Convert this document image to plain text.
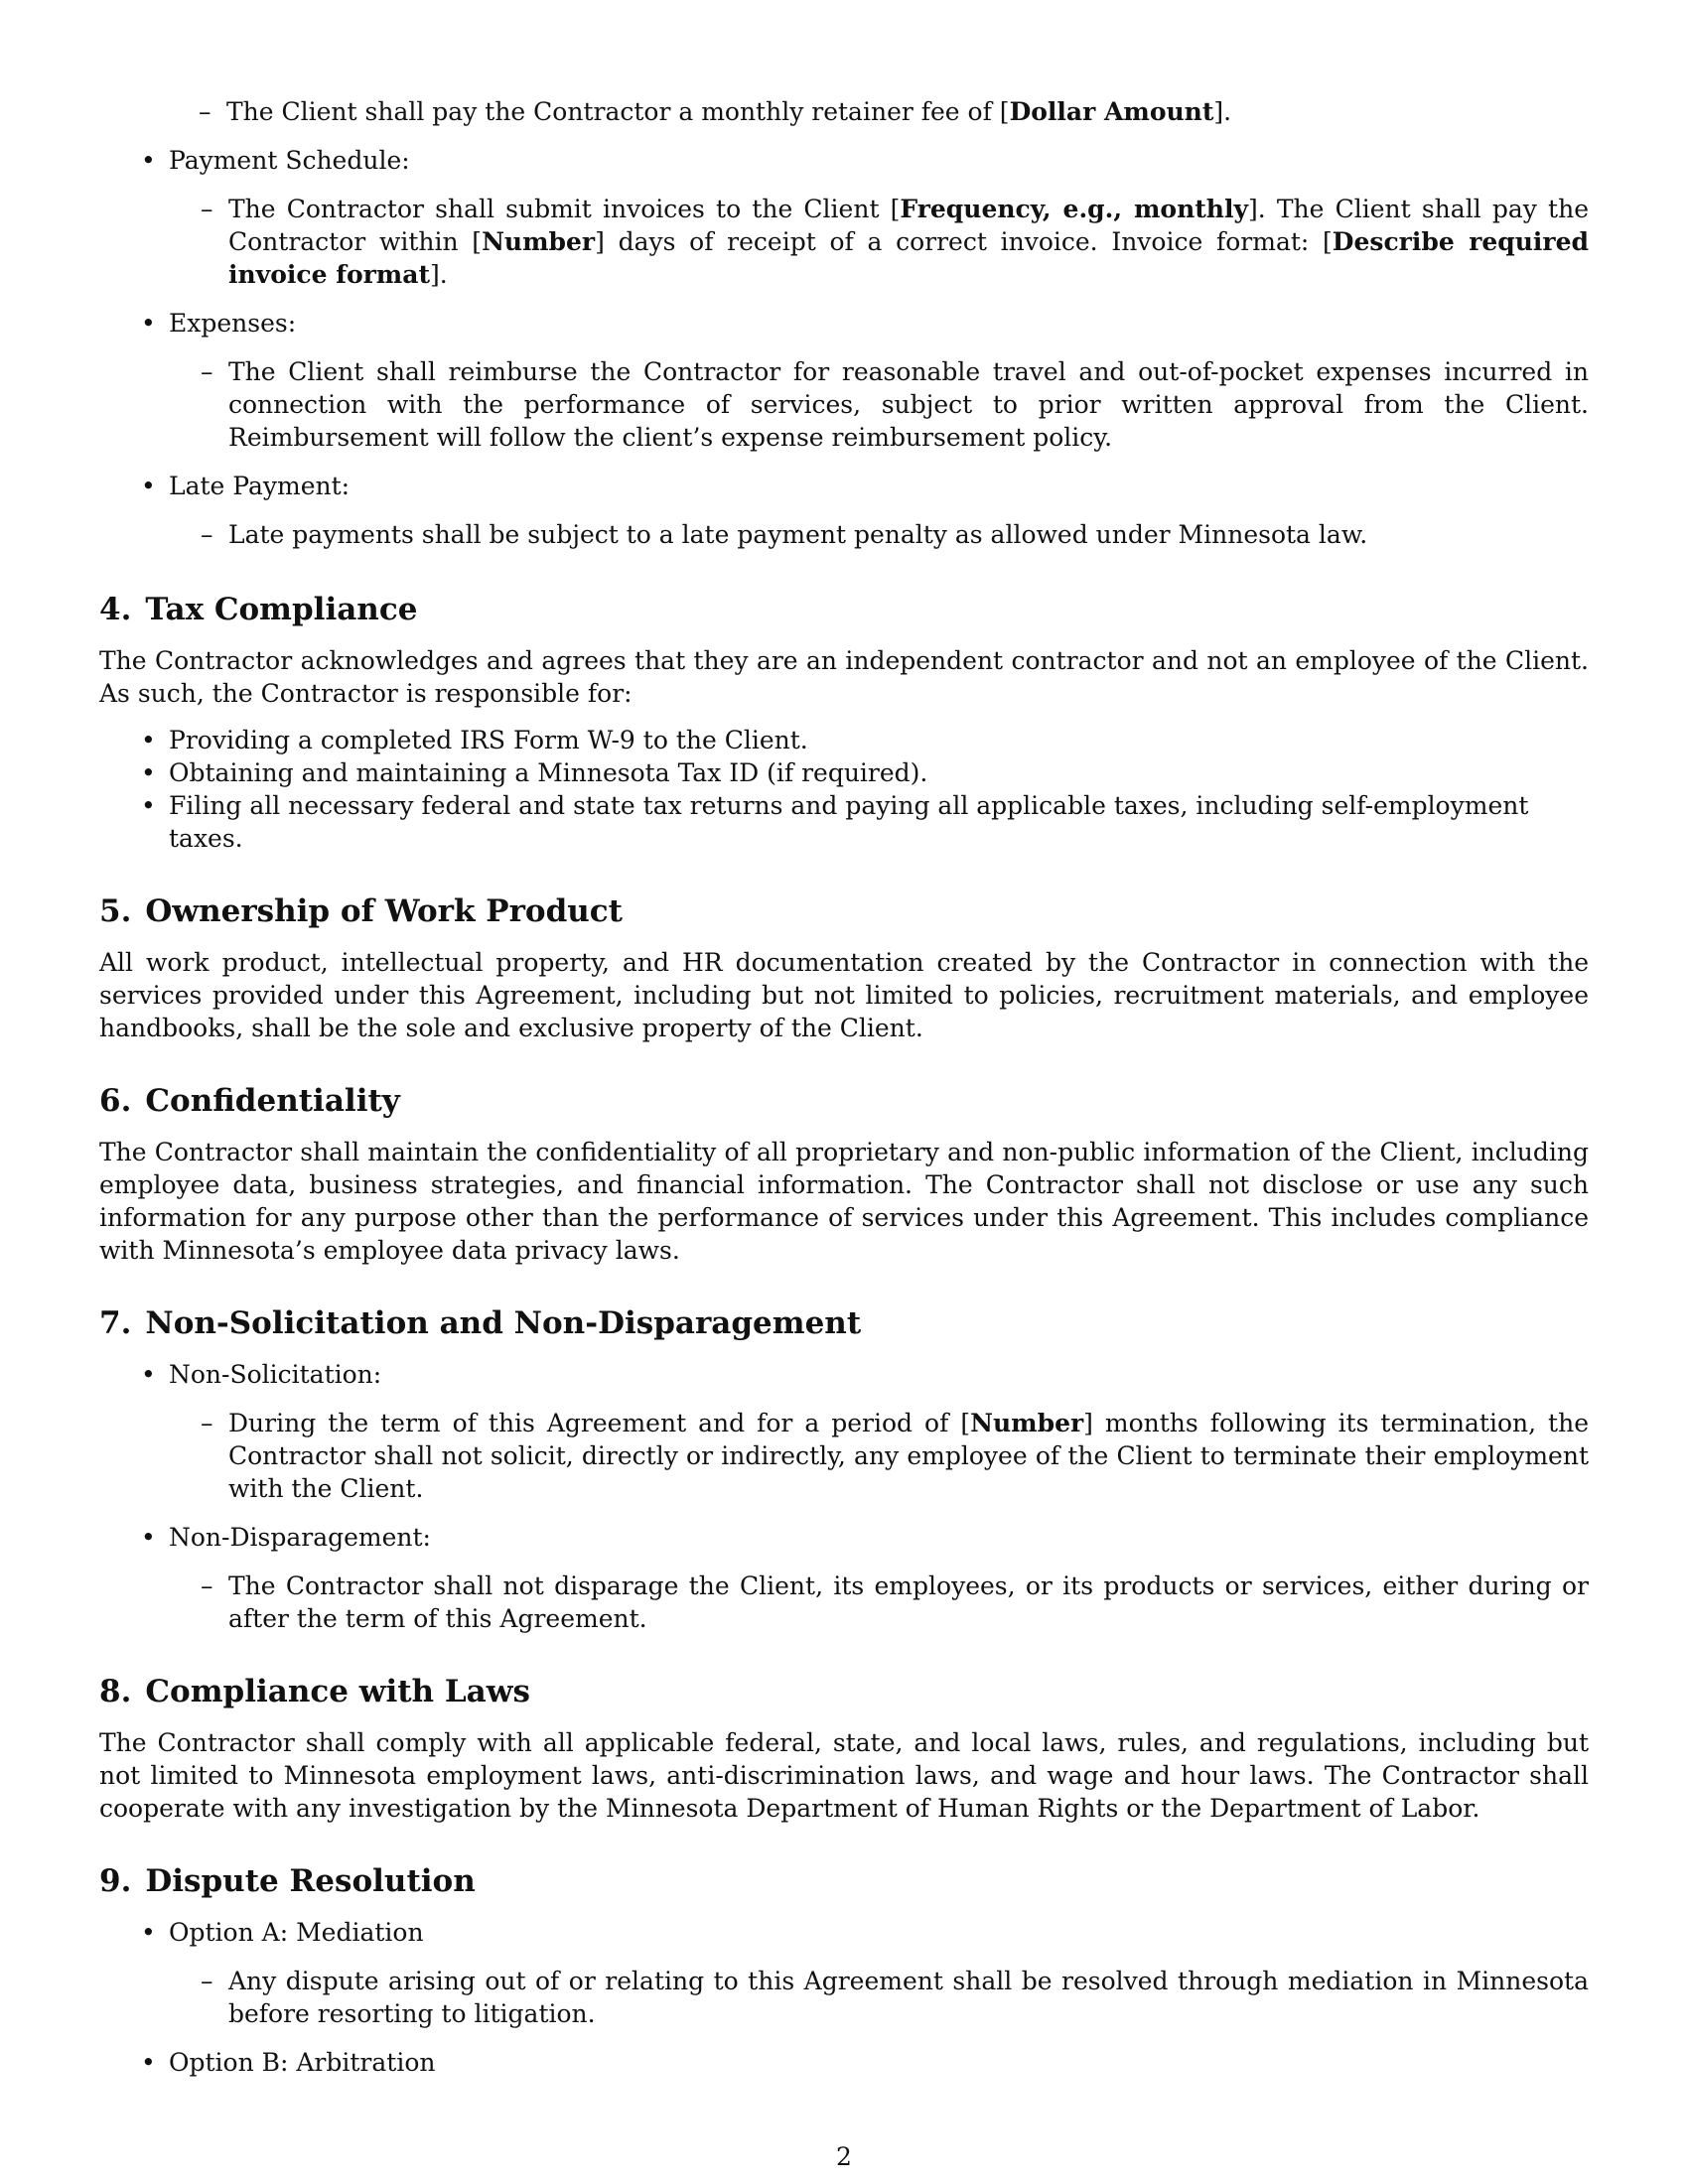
– The Client shall pay the Contractor a monthly retainer fee of [Dollar Amount].
• Payment Schedule:
– The Contractor shall submit invoices to the Client [Frequency, e.g., monthly]. The Client shall pay the Contractor within [Number] days of receipt of a correct invoice. Invoice format: [Describe required invoice format].
• Expenses:
– The Client shall reimburse the Contractor for reasonable travel and out-of-pocket expenses incurred in connection with the performance of services, subject to prior written approval from the Client. Reimbursement will follow the client’s expense reimbursement policy.
• Late Payment:
– Late payments shall be subject to a late payment penalty as allowed under Minnesota law.
4. Tax Compliance

The Contractor acknowledges and agrees that they are an independent contractor and not an employee of the Client. As such, the Contractor is responsible for:

• Providing a completed IRS Form W-9 to the Client.
• Obtaining and maintaining a Minnesota Tax ID (if required).
• Filing all necessary federal and state tax returns and paying all applicable taxes, including self-employment taxes.
5. Ownership of Work Product

All work product, intellectual property, and HR documentation created by the Contractor in connection with the services provided under this Agreement, including but not limited to policies, recruitment materials, and employee handbooks, shall be the sole and exclusive property of the Client.

6. Confidentiality

The Contractor shall maintain the confidentiality of all proprietary and non-public information of the Client, including employee data, business strategies, and financial information. The Contractor shall not disclose or use any such information for any purpose other than the performance of services under this Agreement. This includes compliance with Minnesota’s employee data privacy laws.

7. Non-Solicitation and Non-Disparagement
• Non-Solicitation:
– During the term of this Agreement and for a period of [Number] months following its termination, the Contractor shall not solicit, directly or indirectly, any employee of the Client to terminate their employment with the Client.
• Non-Disparagement:
– The Contractor shall not disparage the Client, its employees, or its products or services, either during or after the term of this Agreement.
8. Compliance with Laws

The Contractor shall comply with all applicable federal, state, and local laws, rules, and regulations, including but not limited to Minnesota employment laws, anti-discrimination laws, and wage and hour laws. The Contractor shall cooperate with any investigation by the Minnesota Department of Human Rights or the Department of Labor.

9. Dispute Resolution
• Option A: Mediation
– Any dispute arising out of or relating to this Agreement shall be resolved through mediation in Minnesota before resorting to litigation.
• Option B: Arbitration
2
